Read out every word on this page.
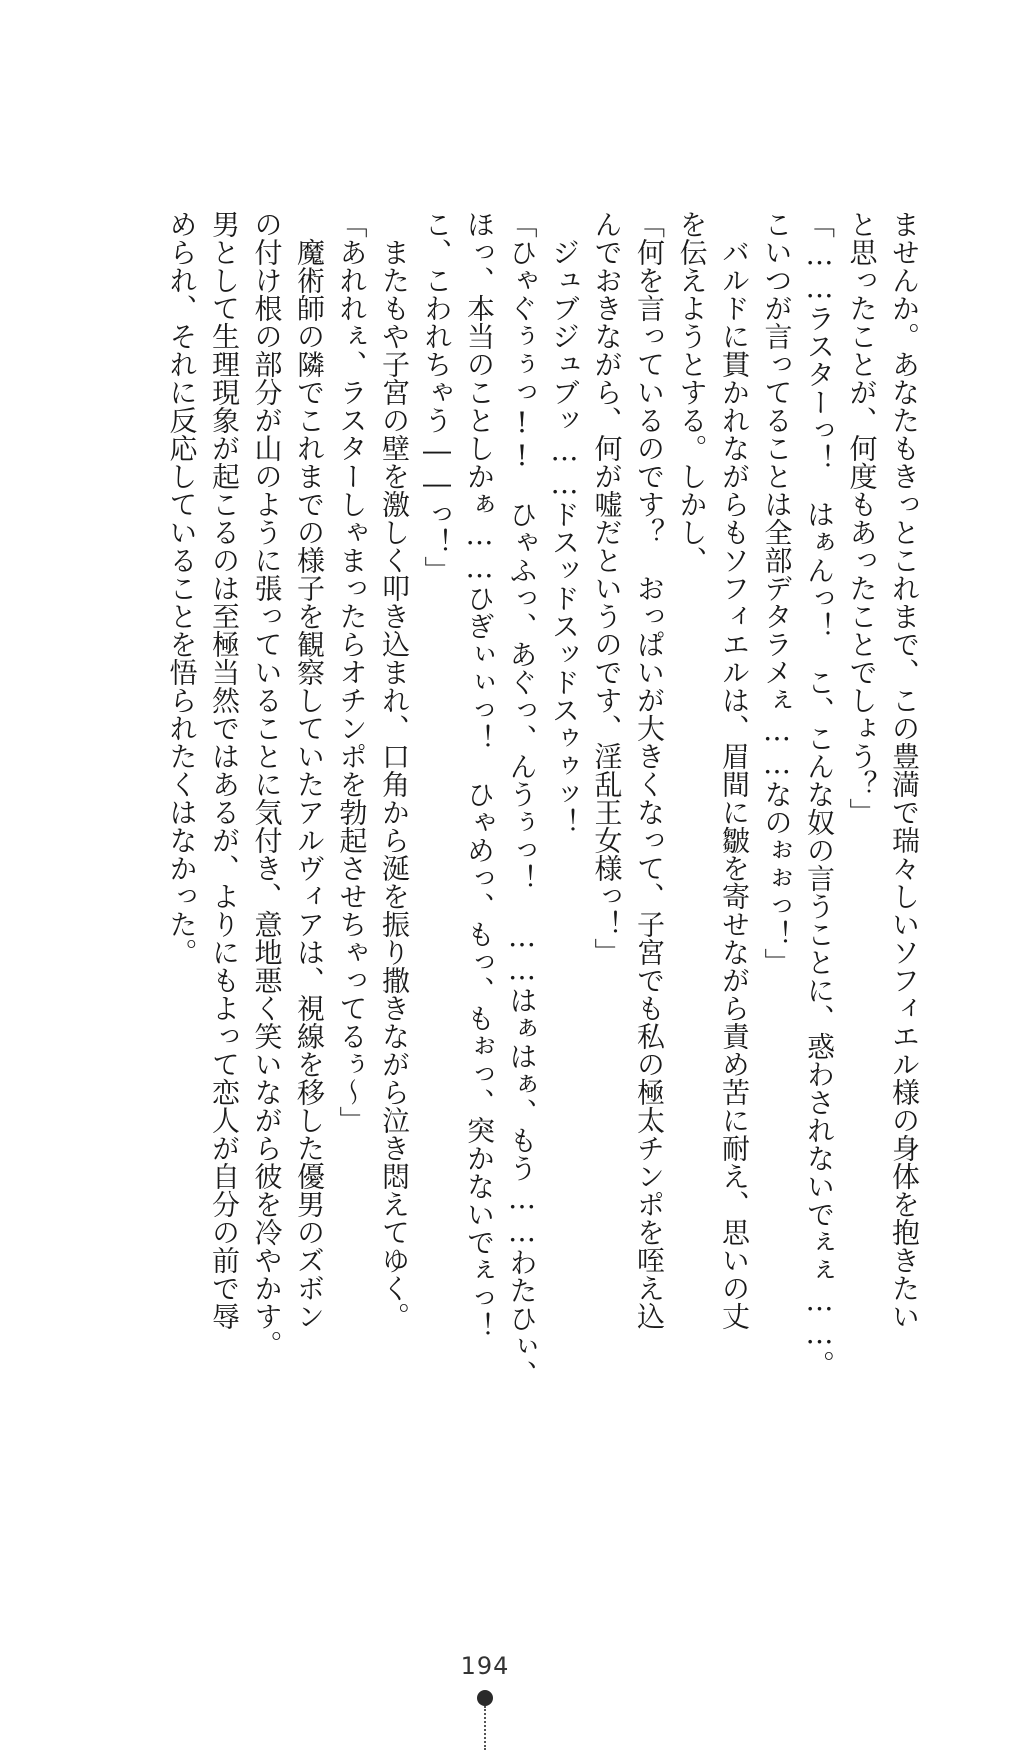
ませんか。あなたもきっとこれまで、この豊満で瑞々しいソフィエル様の身体を抱きたい
と思ったことが、何度もあったことでしょう？」
「……ラスターっ！　はぁんっ！　こ、こんな奴の言うことに、惑わされないでぇぇ……。
こいつが言ってることは全部デタラメぇ……なのぉぉっ！」
　バルドに貫かれながらもソフィエルは、眉間に皺を寄せながら責め苦に耐え、思いの丈
を伝えようとする。しかし、
「何を言っているのです？　おっぱいが大きくなって、子宮でも私の極太チンポを咥え込
んでおきながら、何が嘘だというのです、淫乱王女様っ！」
　ジュブジュブッ……ドスッドスッドスゥゥッ！
「ひゃぐぅぅっ!!　ひゃふっ、あぐっ、んうぅっ！　……はぁはぁ、もう……わたひぃ、
ほっ、本当のことしかぁ……ひぎぃぃっ！　ひゃめっ、もっ、もぉっ、突かないでぇっ！
こ、こわれちゃう――っ！」
　またもや子宮の壁を激しく叩き込まれ、口角から涎を振り撒きながら泣き悶えてゆく。
「あれれぇ、ラスターしゃまったらオチンポを勃起させちゃってるぅ～」
　魔術師の隣でこれまでの様子を観察していたアルヴィアは、視線を移した優男のズボン
の付け根の部分が山のように張っていることに気付き、意地悪く笑いながら彼を冷やかす。
男として生理現象が起こるのは至極当然ではあるが、よりにもよって恋人が自分の前で辱
められ、それに反応していることを悟られたくはなかった。
194
